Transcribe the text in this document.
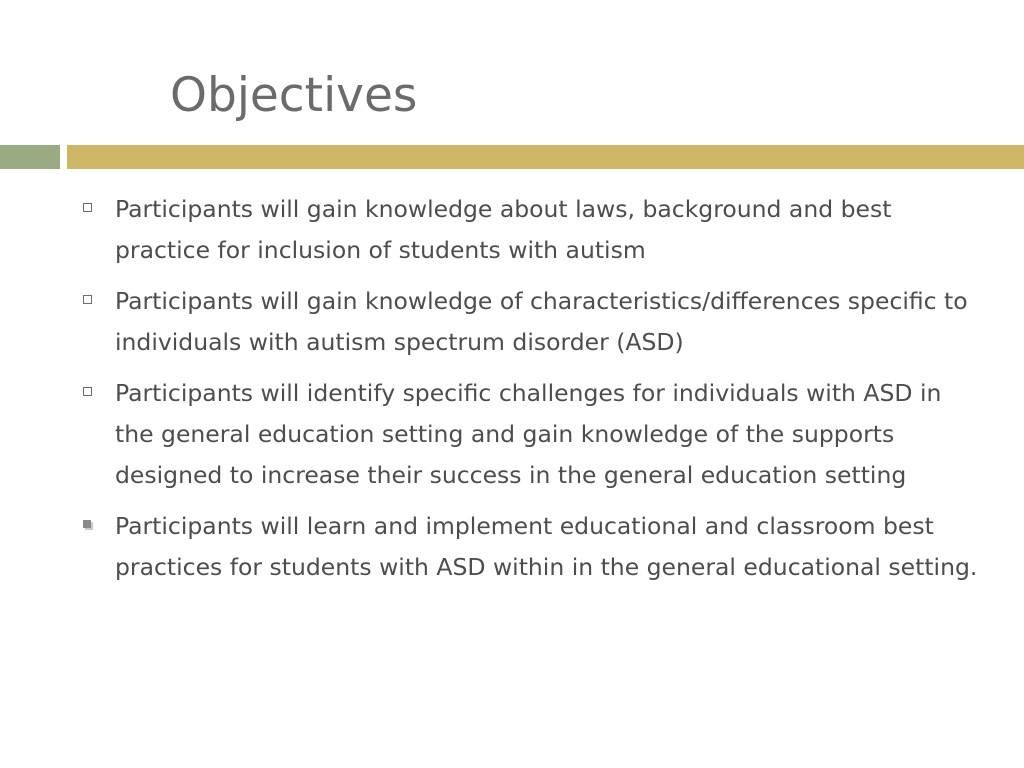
Objectives
Participants will gain knowledge about laws, background and best practice for inclusion of students with autism
Participants will gain knowledge of characteristics/differences specific to individuals with autism spectrum disorder (ASD)
Participants will identify specific challenges for individuals with ASD in the general education setting and gain knowledge of the supports designed to increase their success in the general education setting
Participants will learn and implement educational and classroom best practices for students with ASD within in the general educational setting.
